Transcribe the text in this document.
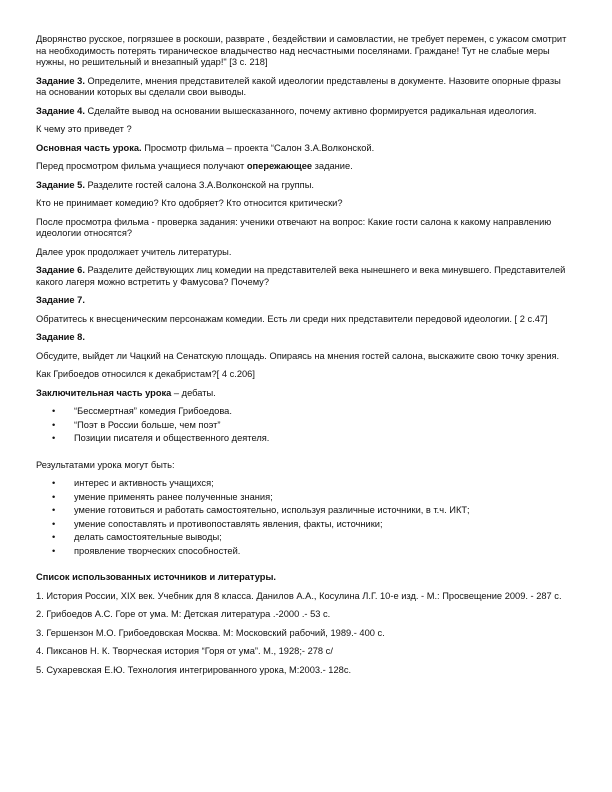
Дворянство русское, погрязшее в роскоши, разврате , бездействии и самовластии, не требует перемен, с ужасом смотрит на необходимость потерять тираническое владычество над несчастными поселянами. Граждане! Тут не слабые меры нужны, но решительный и внезапный удар!" [3 с. 218]

Задание 3. Определите, мнения представителей какой идеологии представлены в документе. Назовите опорные фразы на основании которых вы сделали свои выводы.

Задание 4. Сделайте вывод на основании вышесказанного, почему активно формируется радикальная идеология.

К чему это приведет ?

Основная часть урока. Просмотр фильма – проекта “Салон З.А.Волконской.

Перед просмотром фильма учащиеся получают опережающее задание.

Задание 5. Разделите гостей салона З.А.Волконской на группы.

Кто не принимает комедию? Кто одобряет? Кто относится критически?

После просмотра фильма - проверка задания: ученики отвечают на вопрос: Какие гости салона к какому направлению идеологии относятся?

Далее урок продолжает учитель литературы.

Задание 6. Разделите действующих лиц комедии на представителей века нынешнего и века минувшего. Представителей какого лагеря можно встретить у Фамусова? Почему?

Задание 7.

Обратитесь к внесценическим персонажам комедии. Есть ли среди них представители передовой идеологии. [ 2 с.47]

Задание 8.

Обсудите, выйдет ли Чацкий на Сенатскую площадь. Опираясь на мнения гостей салона, выскажите свою точку зрения.

Как Грибоедов относился к декабристам?[ 4 с.206]

Заключительная часть урока – дебаты.

• “Бессмертная” комедия Грибоедова.
• “Поэт в России больше, чем поэт”
• Позиции писателя и общественного деятеля.

Результатами урока могут быть:

• интерес и активность учащихся;
• умение применять ранее полученные знания;
• умение готовиться и работать самостоятельно, используя различные источники, в т.ч. ИКТ;
• умение сопоставлять и противопоставлять явления, факты, источники;
• делать самостоятельные выводы;
• проявление творческих способностей.

Список использованных источников и литературы.

1. История России, XIX век. Учебник для 8 класса. Данилов А.А., Косулина Л.Г. 10-е изд. - М.: Просвещение 2009. - 287 с.

2. Грибоедов А.С. Горе от ума. М: Детская литература .-2000 .- 53 с.

3. Гершензон М.О. Грибоедовская Москва. М: Московский рабочий, 1989.- 400 с.

4. Пиксанов Н. К. Творческая история “Горя от ума”. М., 1928;- 278 с/

5. Сухаревская Е.Ю. Технология интегрированного урока, М:2003.- 128с.
